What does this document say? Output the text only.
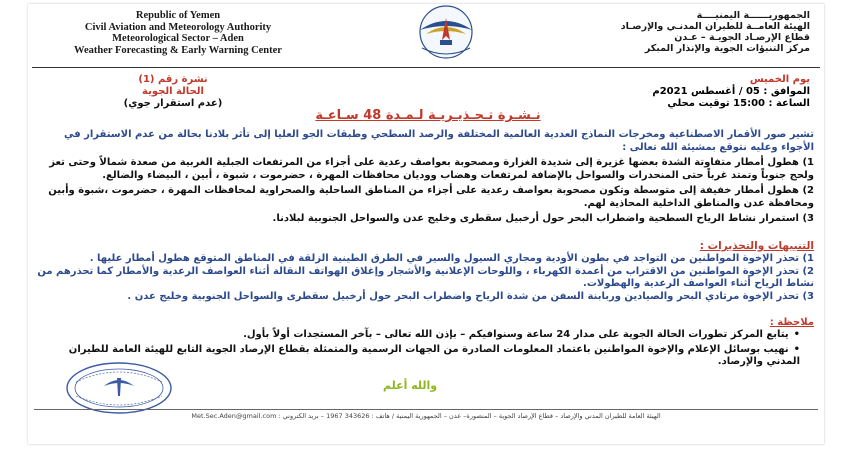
Republic of Yemen
Civil Aviation and Meteorology Authority
Meteorological Sector – Aden
Weather Forecasting & Early Warning Center
الجمهوريــــــة اليمنيــــة
الهيئة العامــة للطيران المدنـي والإرصـاد
قطاع الإرصـاد الجويـة – عـدن
مركز التنبؤات الجوية والإنذار المبكر
نشرة رقم (1)
الحالة الجوية
(عدم استقرار جوي)
يوم الخميس
الموافق : 05 / أغسطس 2021م
الساعة : 15:00 توقيت محلي
نـشـرة تـحـذيـريـة لـمـدة 48 سـاعـة
تشير صور الأقمار الاصطناعية ومخرجات النماذج العددية العالمية المختلفة والرصد السطحي وطبقات الجو العليا إلى تأثر بلادنا بحالة من عدم الاستقرار في الأجواء وعليه نتوقع بمشيئة الله تعالى :
1) هطول أمطار متفاوتة الشدة بعضها غزيرة إلى شديدة الغزارة ومصحوبة بعواصف رعدية على أجزاء من المرتفعات الجبلية الغربية من صعدة شمالاً وحتى تعز ولحج جنوباً وتمتد غرباً حتى المنحدرات والسواحل بالإضافة لمرتفعات وهضاب ووديان محافظات المهرة ، حضرموت ، شبوة ، أبين ، البيضاء والضالع.
2) هطول أمطار خفيفة إلى متوسطة وتكون مصحوبة بعواصف رعدية على أجزاء من المناطق الساحلية والصحراوية لمحافظات المهرة ، حضرموت ،شبوة وأبين ومحافظة عدن والمناطق الداخلية المحاذية لهم.
3) استمرار نشاط الرياح السطحية واضطراب البحر حول أرخبيل سقطرى وخليج عدن والسواحل الجنوبية لبلادنا.
التنبيهات والتحذيرات :
1) تحذر الإخوة المواطنين من التواجد في بطون الأودية ومجاري السيول والسير في الطرق الطينية الزلقة في المناطق المتوقع هطول أمطار عليها .
2) تحذر الإخوة المواطنين من الاقتراب من أعمدة الكهرباء ، واللوحات الإعلانية والأشجار وإغلاق الهواتف النقالة أثناء العواصف الرعدية والأمطار كما تحذرهم من نشاط الرياح أثناء العواصف الرعدية والهطولات.
3) تحذر الإخوة مرتادي البحر والصيادين وربابنة السفن من شدة الرياح واضطراب البحر حول أرخبيل سقطرى والسواحل الجنوبية وخليج عدن .
ملاحظة :
• يتابع المركز تطورات الحالة الجوية على مدار 24 ساعة وسنوافيكم – بإذن الله تعالى – بآخر المستجدات أولاً بأول.
• نهيب بوسائل الإعلام والإخوة المواطنين باعتماد المعلومات الصادرة من الجهات الرسمية والمتمثلة بقطاع الإرصاد الجوية التابع للهيئة العامة للطيران المدني والإرصاد.
والله أعلم
الهيئة العامة للطيران المدني والإرصاد – قطاع الإرصاد الجوية – المنصورة– عدن – الجمهورية اليمنية / هاتف : 343626 1967 – بريد الكتروني : Met.Sec.Aden@gmail.com
